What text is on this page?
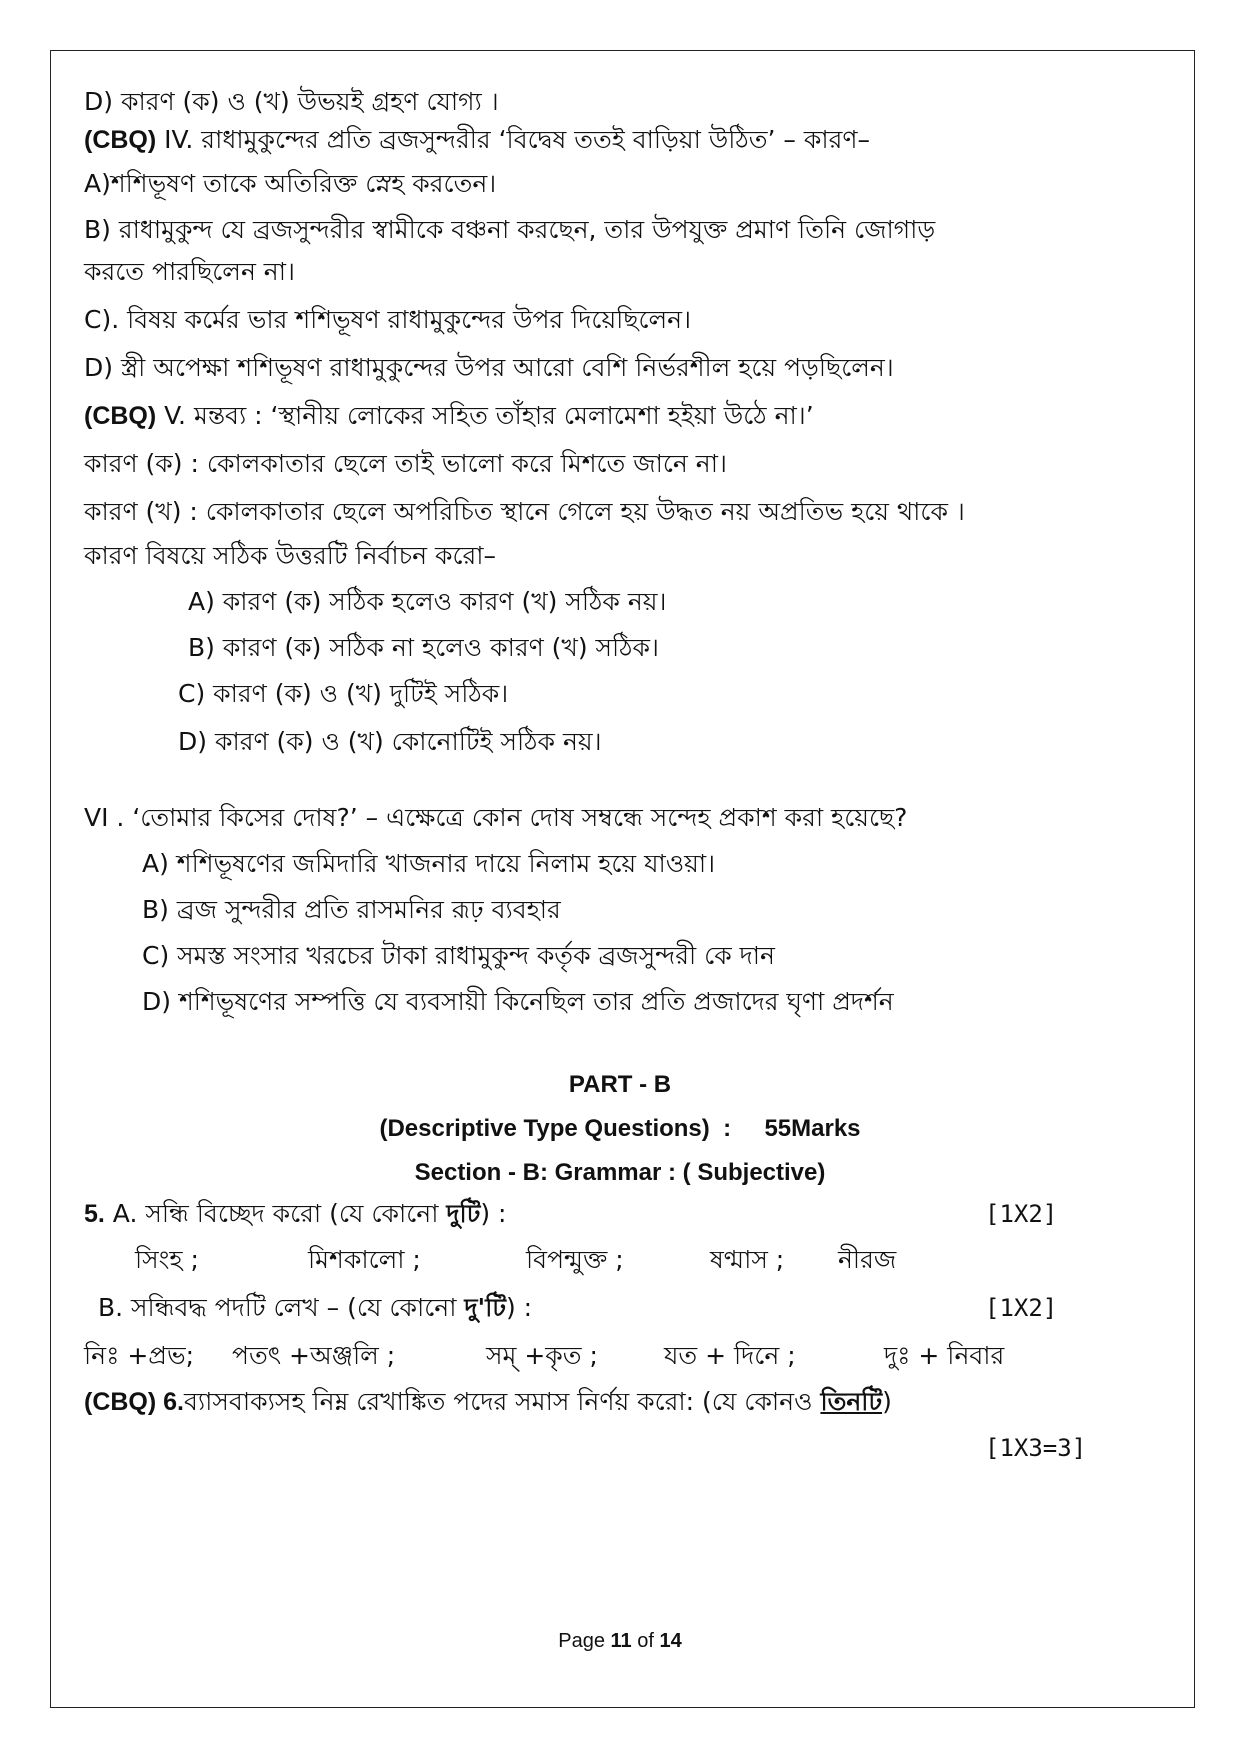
D) কারণ (ক) ও (খ) উভয়ই গ্রহণ যোগ্য ।
(CBQ) IV. রাধামুকুন্দের প্রতি ব্রজসুন্দরীর ‘বিদ্বেষ ততই বাড়িয়া উঠিত’ – কারণ–
A)শশিভূষণ তাকে অতিরিক্ত স্নেহ করতেন।
B) রাধামুকুন্দ যে ব্রজসুন্দরীর স্বামীকে বঞ্চনা করছেন, তার উপযুক্ত প্রমাণ তিনি জোগাড়
করতে পারছিলেন না।
C). বিষয় কর্মের ভার শশিভূষণ রাধামুকুন্দের উপর দিয়েছিলেন।
D) স্ত্রী অপেক্ষা শশিভূষণ রাধামুকুন্দের উপর আরো বেশি নির্ভরশীল হয়ে পড়ছিলেন।
(CBQ) V. মন্তব্য : ‘স্থানীয় লোকের সহিত তাঁহার মেলামেশা হইয়া উঠে না।’
কারণ (ক) : কোলকাতার ছেলে তাই ভালো করে মিশতে জানে না।
কারণ (খ) : কোলকাতার ছেলে অপরিচিত স্থানে গেলে হয় উদ্ধত নয় অপ্রতিভ হয়ে থাকে ।
কারণ বিষয়ে সঠিক উত্তরটি নির্বাচন করো–
A) কারণ (ক) সঠিক হলেও কারণ (খ) সঠিক নয়।
B) কারণ (ক) সঠিক না হলেও কারণ (খ) সঠিক।
C) কারণ (ক) ও (খ) দুটিই সঠিক।
D) কারণ (ক) ও (খ) কোনোটিই সঠিক নয়।
VI . ‘তোমার কিসের দোষ?’ – এক্ষেত্রে কোন দোষ সম্বন্ধে সন্দেহ প্রকাশ করা হয়েছে?
A) শশিভূষণের জমিদারি খাজনার দায়ে নিলাম হয়ে যাওয়া।
B) ব্রজ সুন্দরীর প্রতি রাসমনির রূঢ় ব্যবহার
C) সমস্ত সংসার খরচের টাকা রাধামুকুন্দ কর্তৃক ব্রজসুন্দরী কে দান
D) শশিভূষণের সম্পত্তি যে ব্যবসায়ী কিনেছিল তার প্রতি প্রজাদের ঘৃণা প্রদর্শন
PART - B
(Descriptive Type Questions)  :     55Marks
Section - B: Grammar : ( Subjective)
5. A. সন্ধি বিচ্ছেদ করো (যে কোনো দুটি) :	[1X2]
সিংহ ;	মিশকালো ;	বিপন্মুক্ত ;	ষণ্মাস ; নীরজ
B. সন্ধিবদ্ধ পদটি লেখ – (যে কোনো দু'টি) :	[1X2]
নিঃ +প্রভ; পতৎ +অঞ্জলি ;	সম্ +কৃত ;	যত + দিনে ;	দুঃ + নিবার
(CBQ) 6.ব্যাসবাক্যসহ নিম্ন রেখাঙ্কিত পদের সমাস নির্ণয় করো: (যে কোনও তিনটি)
[1X3=3]
Page 11 of 14
